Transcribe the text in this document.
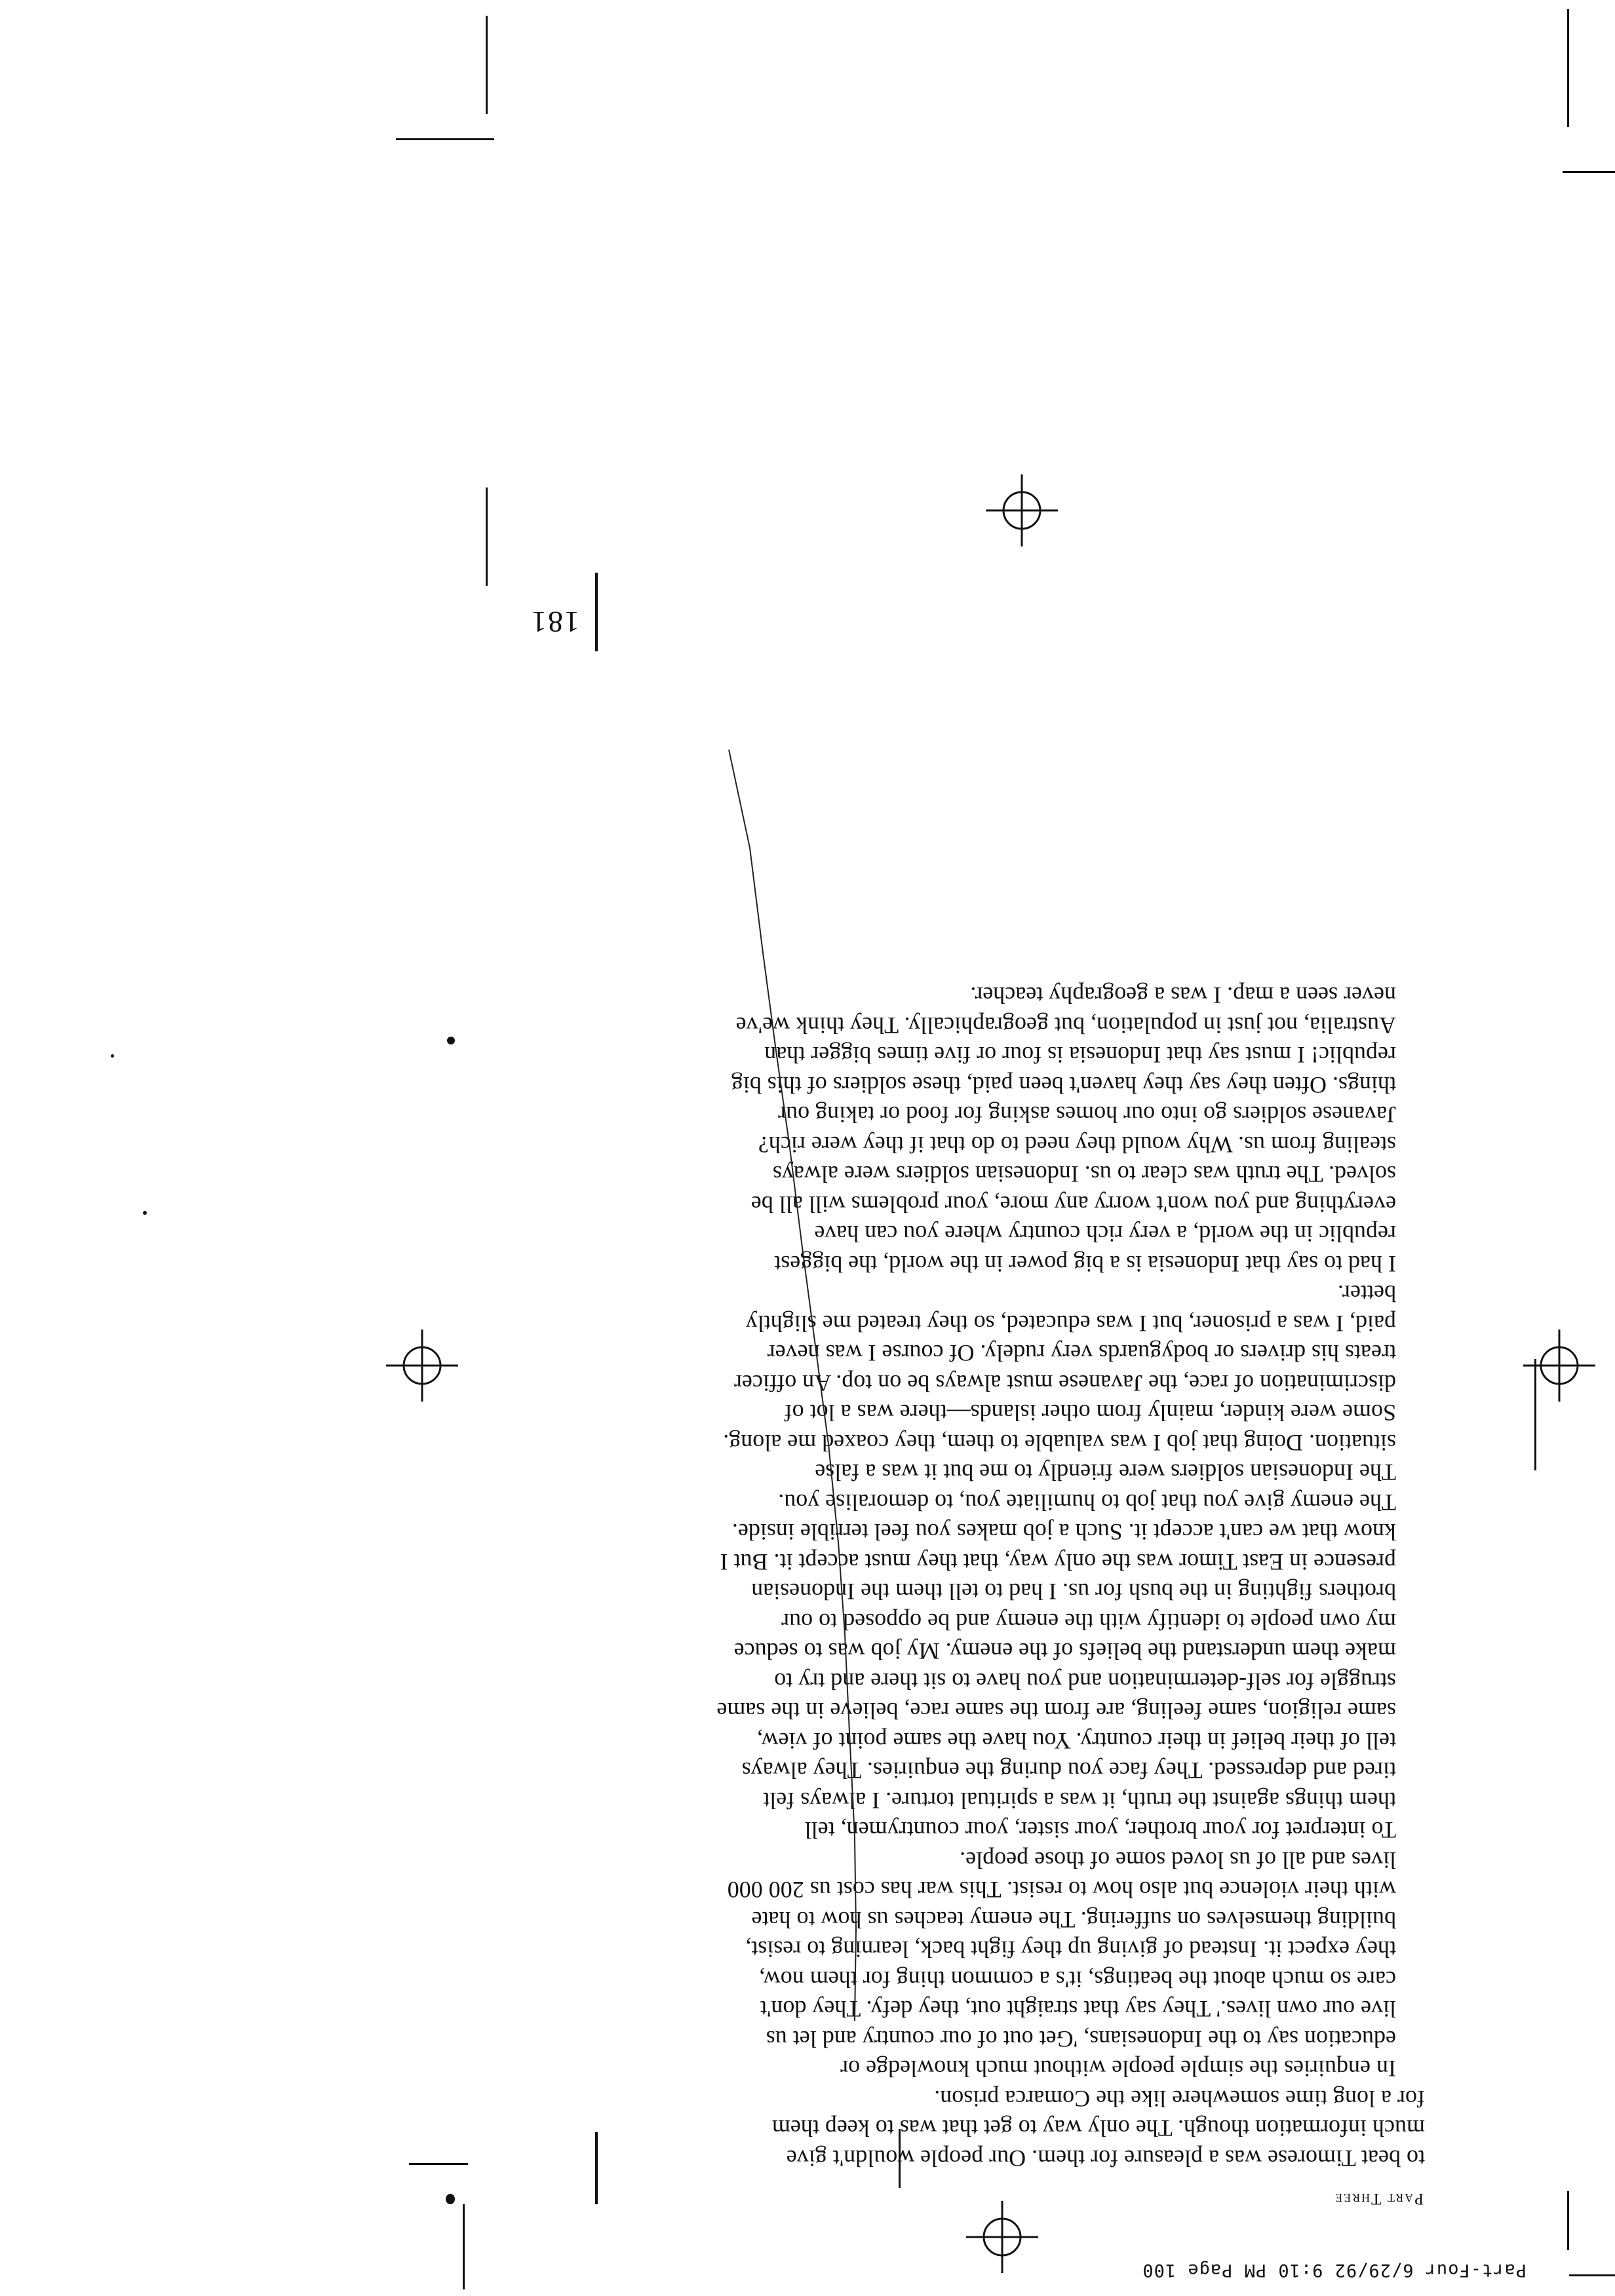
Part-Four 6/29/92 9:10 PM Page 100
Part Three

to beat Timorese was a pleasure for them. Our people wouldn't give
much information though. The only way to get that was to keep them
for a long time somewhere like the Comarca prison.

In enquiries the simple people without much knowledge or
education say to the Indonesians, 'Get out of our country and let us
live our own lives.' They say that straight out, they defy. They don't
care so much about the beatings, it's a common thing for them now,
they expect it. Instead of giving up they fight back, learning to resist,
building themselves on suffering. The enemy teaches us how to hate
with their violence but also how to resist. This war has cost us 200 000
lives and all of us loved some of those people.

To interpret for your brother, your sister, your countrymen, tell
them things against the truth, it was a spiritual torture. I always felt
tired and depressed. They face you during the enquiries. They always
tell of their belief in their country. You have the same point of view,
same religion, same feeling, are from the same race, believe in the same
struggle for self-determination and you have to sit there and try to
make them understand the beliefs of the enemy. My job was to seduce
my own people to identify with the enemy and be opposed to our
brothers fighting in the bush for us. I had to tell them the Indonesian
presence in East Timor was the only way, that they must accept it. But I
know that we can't accept it. Such a job makes you feel terrible inside.
The enemy give you that job to humiliate you, to demoralise you.

The Indonesian soldiers were friendly to me but it was a false
situation. Doing that job I was valuable to them, they coaxed me along.
Some were kinder, mainly from other islands—there was a lot of
discrimination of race, the Javanese must always be on top. An officer
treats his drivers or bodyguards very rudely. Of course I was never
paid, I was a prisoner, but I was educated, so they treated me slightly
better.

I had to say that Indonesia is a big power in the world, the biggest
republic in the world, a very rich country where you can have
everything and you won't worry any more, your problems will all be
solved. The truth was clear to us. Indonesian soldiers were always
stealing from us. Why would they need to do that if they were rich?
Javanese soldiers go into our homes asking for food or taking our
things. Often they say they haven't been paid, these soldiers of this big
republic! I must say that Indonesia is four or five times bigger than
Australia, not just in population, but geographically. They think we've
never seen a map. I was a geography teacher.

181
